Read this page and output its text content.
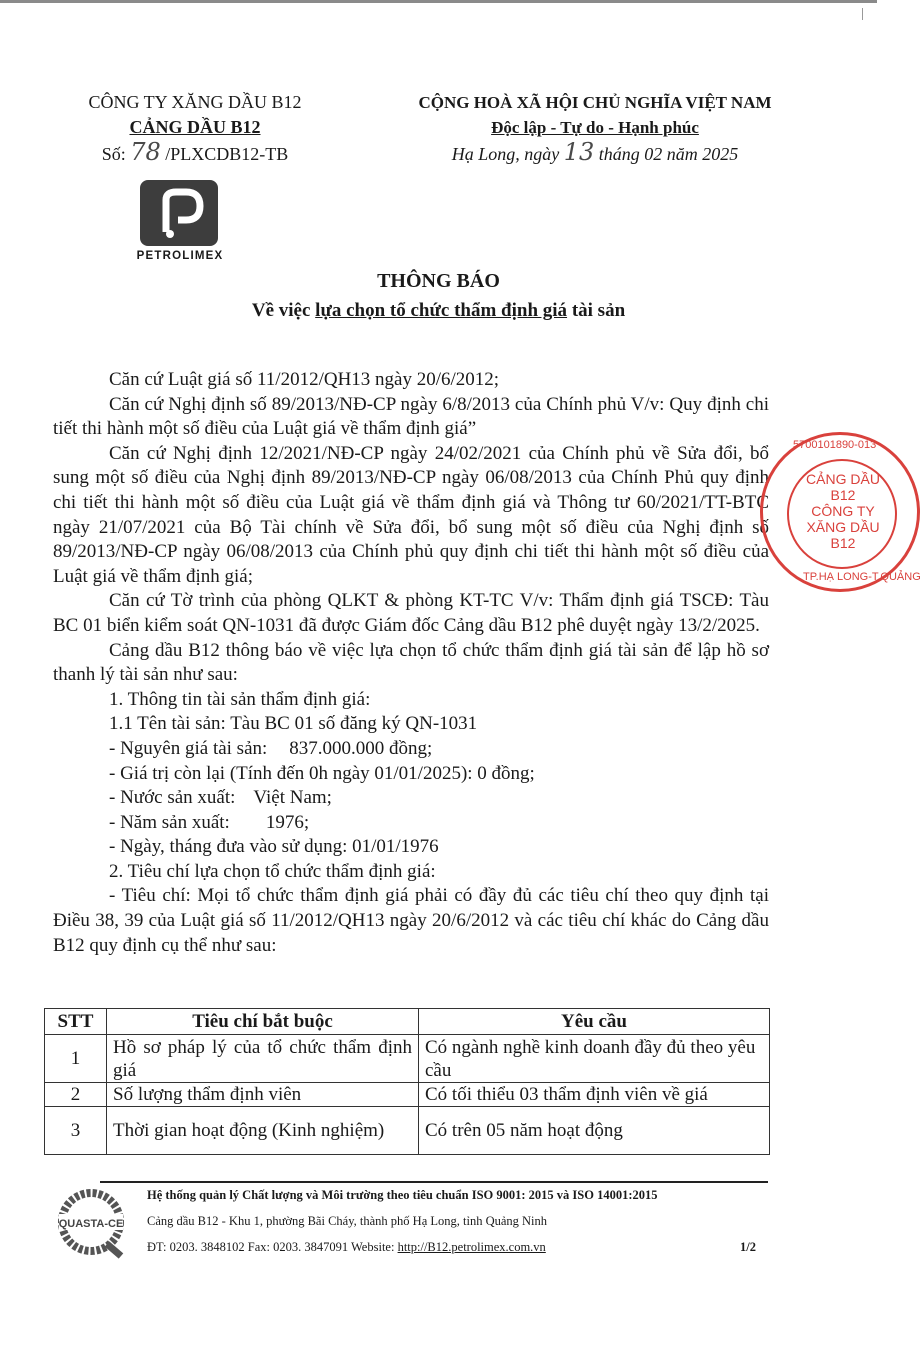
CÔNG TY XĂNG DẦU B12
CẢNG DẦU B12
Số: 78 /PLXCDB12-TB
CỘNG HOÀ XÃ HỘI CHỦ NGHĨA VIỆT NAM
Độc lập - Tự do - Hạnh phúc
Hạ Long, ngày 13 tháng 02 năm 2025
PETROLIMEX
THÔNG BÁO
Về việc lựa chọn tổ chức thẩm định giá tài sản

Căn cứ Luật giá số 11/2012/QH13 ngày 20/6/2012;

Căn cứ Nghị định số 89/2013/NĐ-CP ngày 6/8/2013 của Chính phủ V/v: Quy định chi tiết thi hành một số điều của Luật giá về thẩm định giá”

Căn cứ Nghị định 12/2021/NĐ-CP ngày 24/02/2021 của Chính phủ về Sửa đổi, bổ sung một số điều của Nghị định 89/2013/NĐ-CP ngày 06/08/2013 của Chính Phủ quy định chi tiết thi hành một số điều của Luật giá về thẩm định giá và Thông tư 60/2021/TT-BTC ngày 21/07/2021 của Bộ Tài chính về Sửa đổi, bổ sung một số điều của Nghị định số 89/2013/NĐ-CP ngày 06/08/2013 của Chính phủ quy định chi tiết thi hành một số điều của Luật giá về thẩm định giá;

Căn cứ Tờ trình của phòng QLKT & phòng KT-TC V/v: Thẩm định giá TSCĐ: Tàu BC 01 biển kiểm soát QN-1031 đã được Giám đốc Cảng dầu B12 phê duyệt ngày 13/2/2025.

Cảng dầu B12 thông báo về việc lựa chọn tổ chức thẩm định giá tài sản để lập hồ sơ thanh lý tài sản như sau:

1. Thông tin tài sản thẩm định giá:

1.1 Tên tài sản: Tàu BC 01 số đăng ký QN-1031

- Nguyên giá tài sản: 837.000.000 đồng;

- Giá trị còn lại (Tính đến 0h ngày 01/01/2025): 0 đồng;

- Nước sản xuất: Việt Nam;

- Năm sản xuất: 1976;

- Ngày, tháng đưa vào sử dụng: 01/01/1976

2. Tiêu chí lựa chọn tổ chức thẩm định giá:

- Tiêu chí: Mọi tổ chức thẩm định giá phải có đầy đủ các tiêu chí theo quy định tại Điều 38, 39 của Luật giá số 11/2012/QH13 ngày 20/6/2012 và các tiêu chí khác do Cảng dầu B12 quy định cụ thể như sau:

STT	Tiêu chí bắt buộc	Yêu cầu
1	Hồ sơ pháp lý của tổ chức thẩm định giá	Có ngành nghề kinh doanh đầy đủ theo yêu cầu
2	Số lượng thẩm định viên	Có tối thiểu 03 thẩm định viên về giá
3	Thời gian hoạt động (Kinh nghiệm)	Có trên 05 năm hoạt động
5700101890-013
CẢNG DẦU
B12
CÔNG TY
XĂNG DẦU
B12
TP.HẠ LONG-T.QUẢNG
QUASTA-CE
Hệ thống quản lý Chất lượng và Môi trường theo tiêu chuẩn ISO 9001: 2015 và ISO 14001:2015
Cảng dầu B12 - Khu 1, phường Bãi Cháy, thành phố Hạ Long, tỉnh Quảng Ninh
ĐT: 0203. 3848102 Fax: 0203. 3847091 Website: http://B12.petrolimex.com.vn	1/2
